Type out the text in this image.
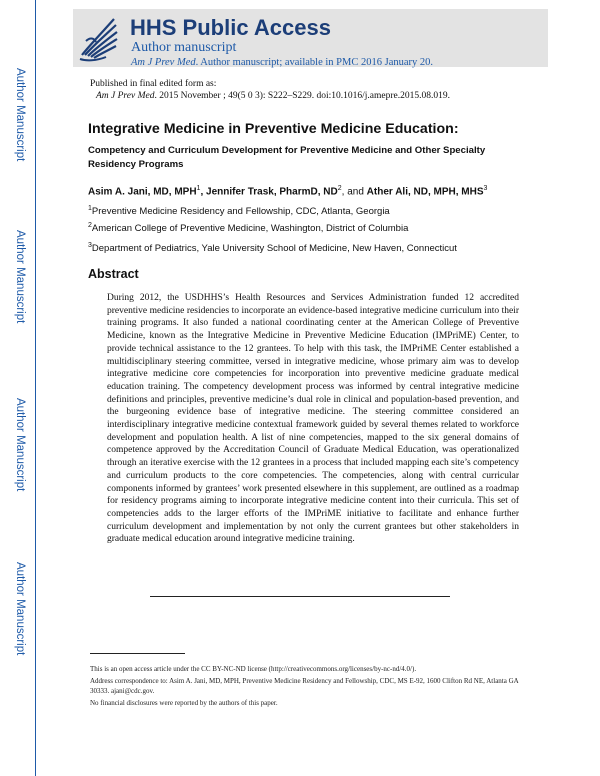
Author Manuscript
Author Manuscript
Author Manuscript
Author Manuscript
HHS Public Access
Author manuscript
Am J Prev Med. Author manuscript; available in PMC 2016 January 20.
Published in final edited form as:
Am J Prev Med. 2015 November ; 49(5 0 3): S222–S229. doi:10.1016/j.amepre.2015.08.019.
Integrative Medicine in Preventive Medicine Education:
Competency and Curriculum Development for Preventive Medicine and Other Specialty Residency Programs
Asim A. Jani, MD, MPH$^1$, Jennifer Trask, PharmD, $ND^2$, and Ather Ali, ND, MPH, MHS$^3$
$^1$Preventive Medicine Residency and Fellowship, CDC, Atlanta, Georgia
$^2$American College of Preventive Medicine, Washington, District of Columbia
$^3$Department of Pediatrics, Yale University School of Medicine, New Haven, Connecticut
Abstract
During 2012, the USDHHS’s Health Resources and Services Administration funded 12 accredited preventive medicine residencies to incorporate an evidence-based integrative medicine curriculum into their training programs. It also funded a national coordinating center at the American College of Preventive Medicine, known as the Integrative Medicine in Preventive Medicine Education (IMPriME) Center, to provide technical assistance to the 12 grantees. To help with this task, the IMPriME Center established a multidisciplinary steering committee, versed in integrative medicine, whose primary aim was to develop integrative medicine core competencies for incorporation into preventive medicine graduate medical education training. The competency development process was informed by central integrative medicine definitions and principles, preventive medicine’s dual role in clinical and population-based prevention, and the burgeoning evidence base of integrative medicine. The steering committee considered an interdisciplinary integrative medicine contextual framework guided by several themes related to workforce development and population health. A list of nine competencies, mapped to the six general domains of competence approved by the Accreditation Council of Graduate Medical Education, was operationalized through an iterative exercise with the 12 grantees in a process that included mapping each site’s competency and curriculum products to the core competencies. The competencies, along with central curricular components informed by grantees’ work presented elsewhere in this supplement, are outlined as a roadmap for residency programs aiming to incorporate integrative medicine content into their curricula. This set of competencies adds to the larger efforts of the IMPriME initiative to facilitate and enhance further curriculum development and implementation by not only the current grantees but other stakeholders in graduate medical education around integrative medicine training.
This is an open access article under the CC BY-NC-ND license (http://creativecommons.org/licenses/by-nc-nd/4.0/).
Address correspondence to: Asim A. Jani, MD, MPH, Preventive Medicine Residency and Fellowship, CDC, MS E-92, 1600 Clifton Rd NE, Atlanta GA 30333. ajani@cdc.gov.
No financial disclosures were reported by the authors of this paper.
